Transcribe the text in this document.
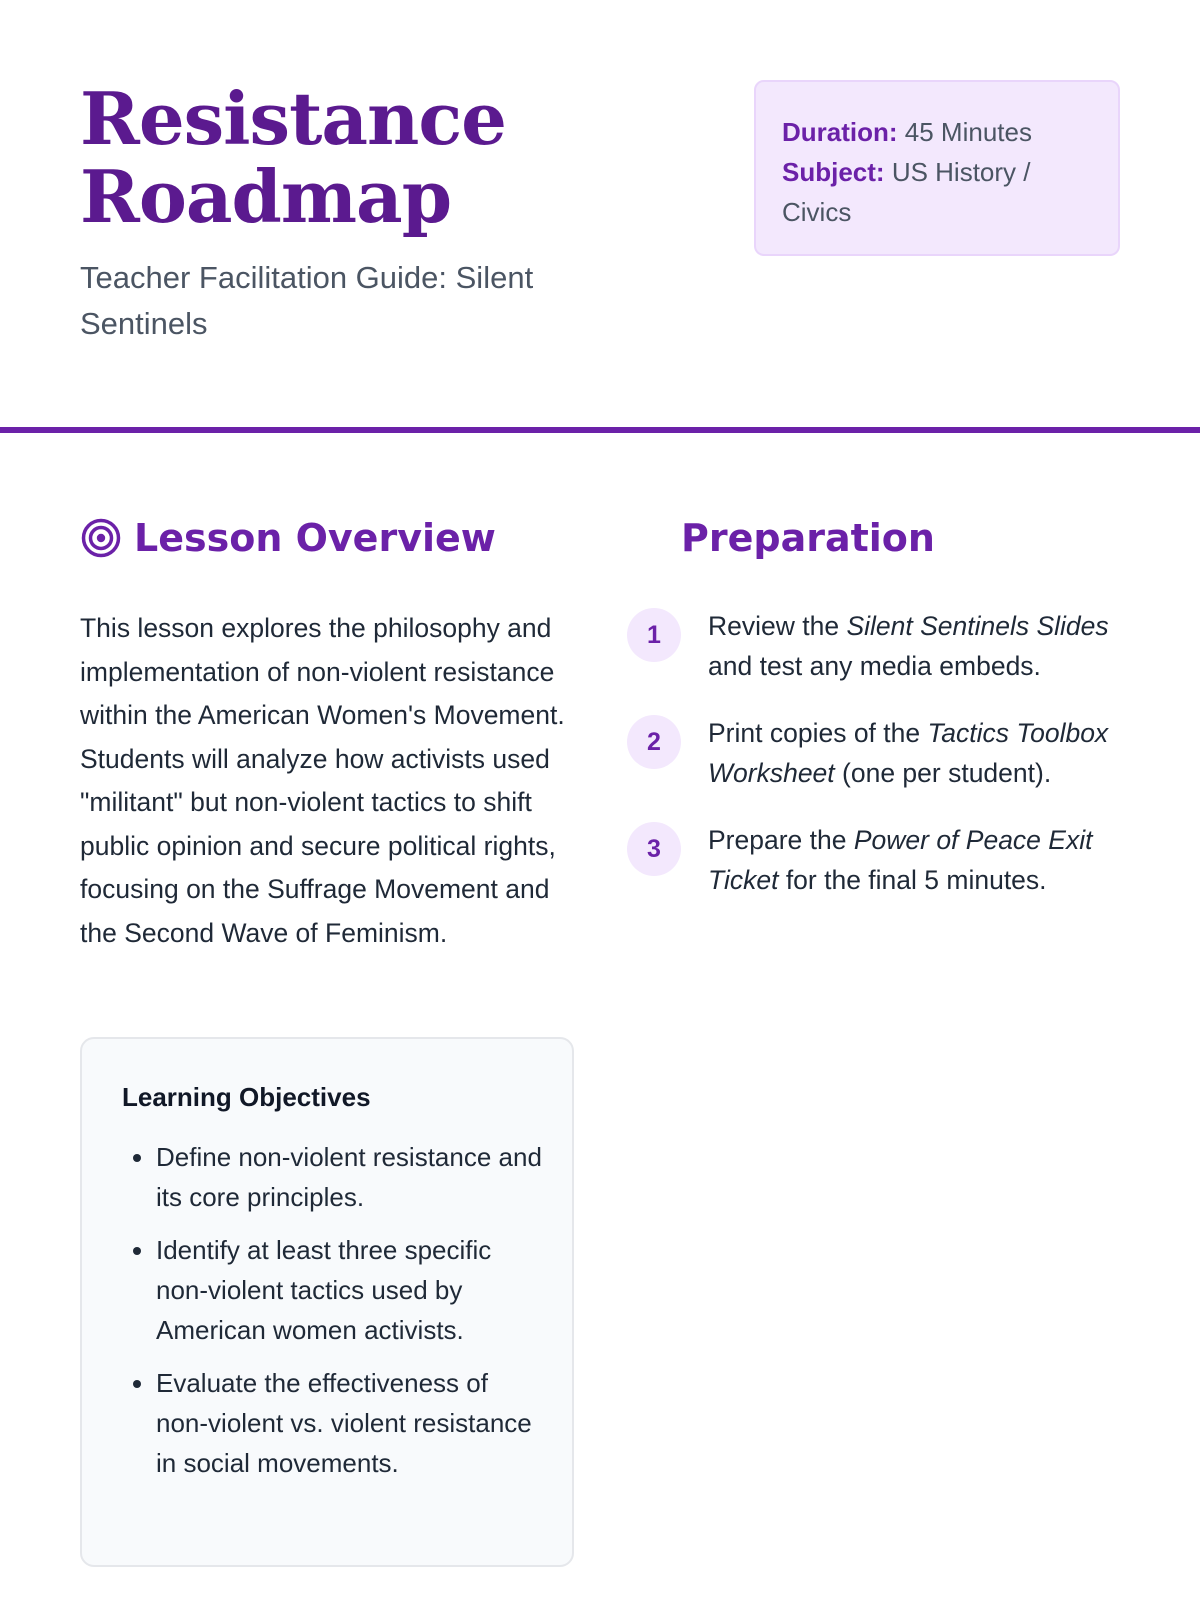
Resistance
Roadmap

Teacher Facilitation Guide: Silent Sentinels

Duration: 45 Minutes
Subject: US History / Civics
Lesson Overview

This lesson explores the philosophy and implementation of non-violent resistance within the American Women's Movement. Students will analyze how activists used "militant" but non-violent tactics to shift public opinion and secure political rights, focusing on the Suffrage Movement and the Second Wave of Feminism.

Learning Objectives
• Define non-violent resistance and its core principles.
• Identify at least three specific non-violent tactics used by American women activists.
• Evaluate the effectiveness of non-violent vs. violent resistance in social movements.
Preparation
1	Review the Silent Sentinels Slides and test any media embeds.
2	Print copies of the Tactics Toolbox Worksheet (one per student).
3	Prepare the Power of Peace Exit Ticket for the final 5 minutes.
